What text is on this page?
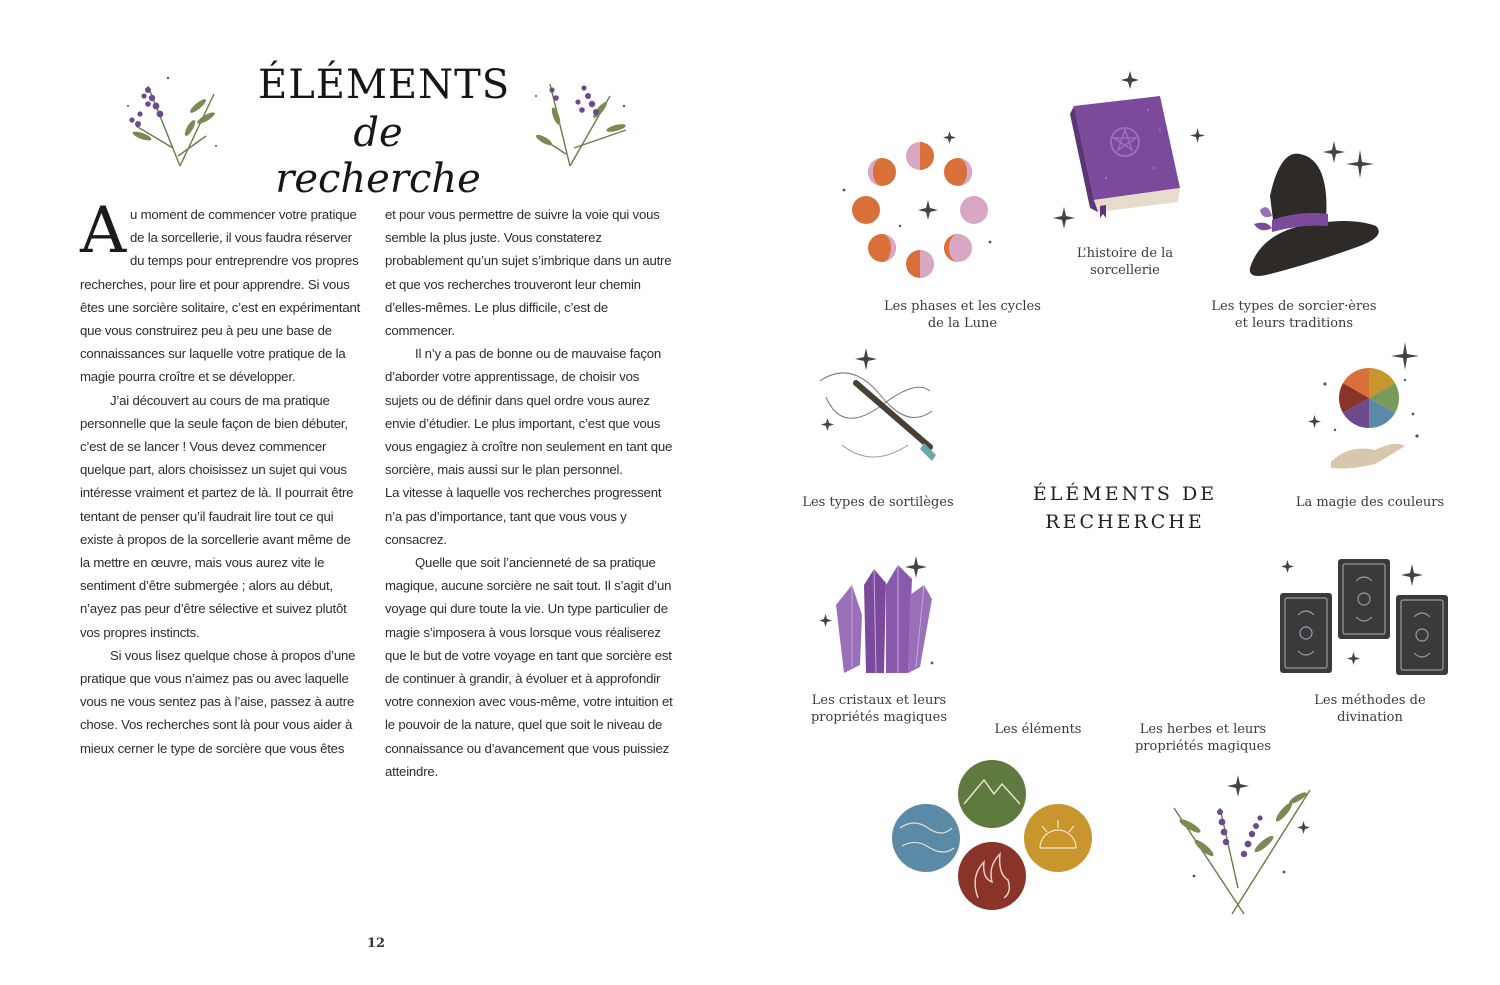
ÉLÉMENTS
de recherche

Au moment de commencer votre pratique de la sorcellerie, il vous faudra réserver du temps pour entreprendre vos propres recherches, pour lire et pour apprendre. Si vous êtes une sorcière solitaire, c’est en expérimentant que vous construirez peu à peu une base de connaissances sur laquelle votre pratique de la magie pourra croître et se développer.

J’ai découvert au cours de ma pratique personnelle que la seule façon de bien débuter, c’est de se lancer ! Vous devez commencer quelque part, alors choisissez un sujet qui vous intéresse vraiment et partez de là. Il pourrait être tentant de penser qu’il faudrait lire tout ce qui existe à propos de la sorcellerie avant même de la mettre en œuvre, mais vous aurez vite le sentiment d’être submergée ; alors au début, n’ayez pas peur d’être sélective et suivez plutôt vos propres instincts.

Si vous lisez quelque chose à propos d’une pratique que vous n’aimez pas ou avec laquelle vous ne vous sentez pas à l’aise, passez à autre chose. Vos recherches sont là pour vous aider à mieux cerner le type de sorcière que vous êtes

et pour vous permettre de suivre la voie qui vous semble la plus juste. Vous constaterez probablement qu’un sujet s’imbrique dans un autre et que vos recherches trouveront leur chemin d’elles-mêmes. Le plus difficile, c’est de commencer.

Il n’y a pas de bonne ou de mauvaise façon d’aborder votre apprentissage, de choisir vos sujets ou de définir dans quel ordre vous aurez envie d’étudier. Le plus important, c’est que vous vous engagiez à croître non seulement en tant que sorcière, mais aussi sur le plan personnel.

La vitesse à laquelle vos recherches progressent n’a pas d’importance, tant que vous vous y consacrez.

Quelle que soit l’ancienneté de sa pratique magique, aucune sorcière ne sait tout. Il s’agit d’un voyage qui dure toute la vie. Un type particulier de magie s’imposera à vous lorsque vous réaliserez que le but de votre voyage en tant que sorcière est de continuer à grandir, à évoluer et à approfondir votre connexion avec vous-même, votre intuition et le pouvoir de la nature, quel que soit le niveau de connaissance ou d’avancement que vous puissiez atteindre.

12
Les phases et les cycles
de la Lune
L’histoire de la
sorcellerie
Les types de sorcier·ères
et leurs traditions
Les types de sortilèges	La magie des couleurs
ÉLÉMENTS DE
RECHERCHE
Les cristaux et leurs
propriétés magiques
Les méthodes de divination
Les éléments	Les herbes et leurs
propriétés magiques
